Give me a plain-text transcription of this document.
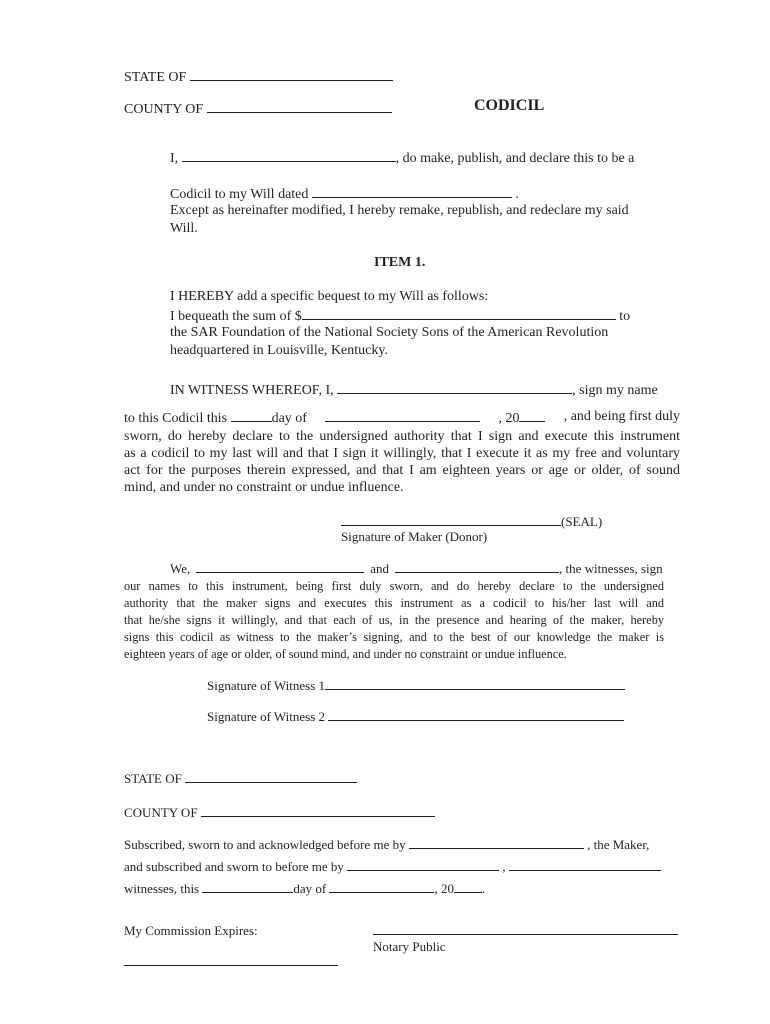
STATE OF
COUNTY OF	CODICIL
I,	, do make, publish, and declare this to be a
Codicil to my Will dated	.
Except as hereinafter modified, I hereby remake, republish, and redeclare my said
Will.
ITEM 1.
I HEREBY add a specific bequest to my Will as follows:
I bequeath the sum of $	to
the SAR Foundation of the National Society Sons of the American Revolution
headquartered in Louisville, Kentucky.
IN WITNESS WHEREOF, I,	, sign my name
to this Codicil this	day of	, 20	, and being first duly
sworn, do hereby declare to the undersigned authority that I sign and execute this instrument
as a codicil to my last will and that I sign it willingly, that I execute it as my free and voluntary
act for the purposes therein expressed, and that I am eighteen years or age or older, of sound
mind, and under no constraint or undue influence.
(SEAL)
Signature of Maker (Donor)
We,	and	, the witnesses, sign
our names to this instrument, being first duly sworn, and do hereby declare to the undersigned
authority that the maker signs and executes this instrument as a codicil to his/her last will and
that he/she signs it willingly, and that each of us, in the presence and hearing of the maker, hereby
signs this codicil as witness to the maker’s signing, and to the best of our knowledge the maker is
eighteen years of age or older, of sound mind, and under no constraint or undue influence.
Signature of Witness 1
Signature of Witness 2
STATE OF
COUNTY OF
Subscribed, sworn to and acknowledged before me by	, the Maker,
and subscribed and sworn to before me by	,
witnesses, this	day of	, 20 .
My Commission Expires:
Notary Public
